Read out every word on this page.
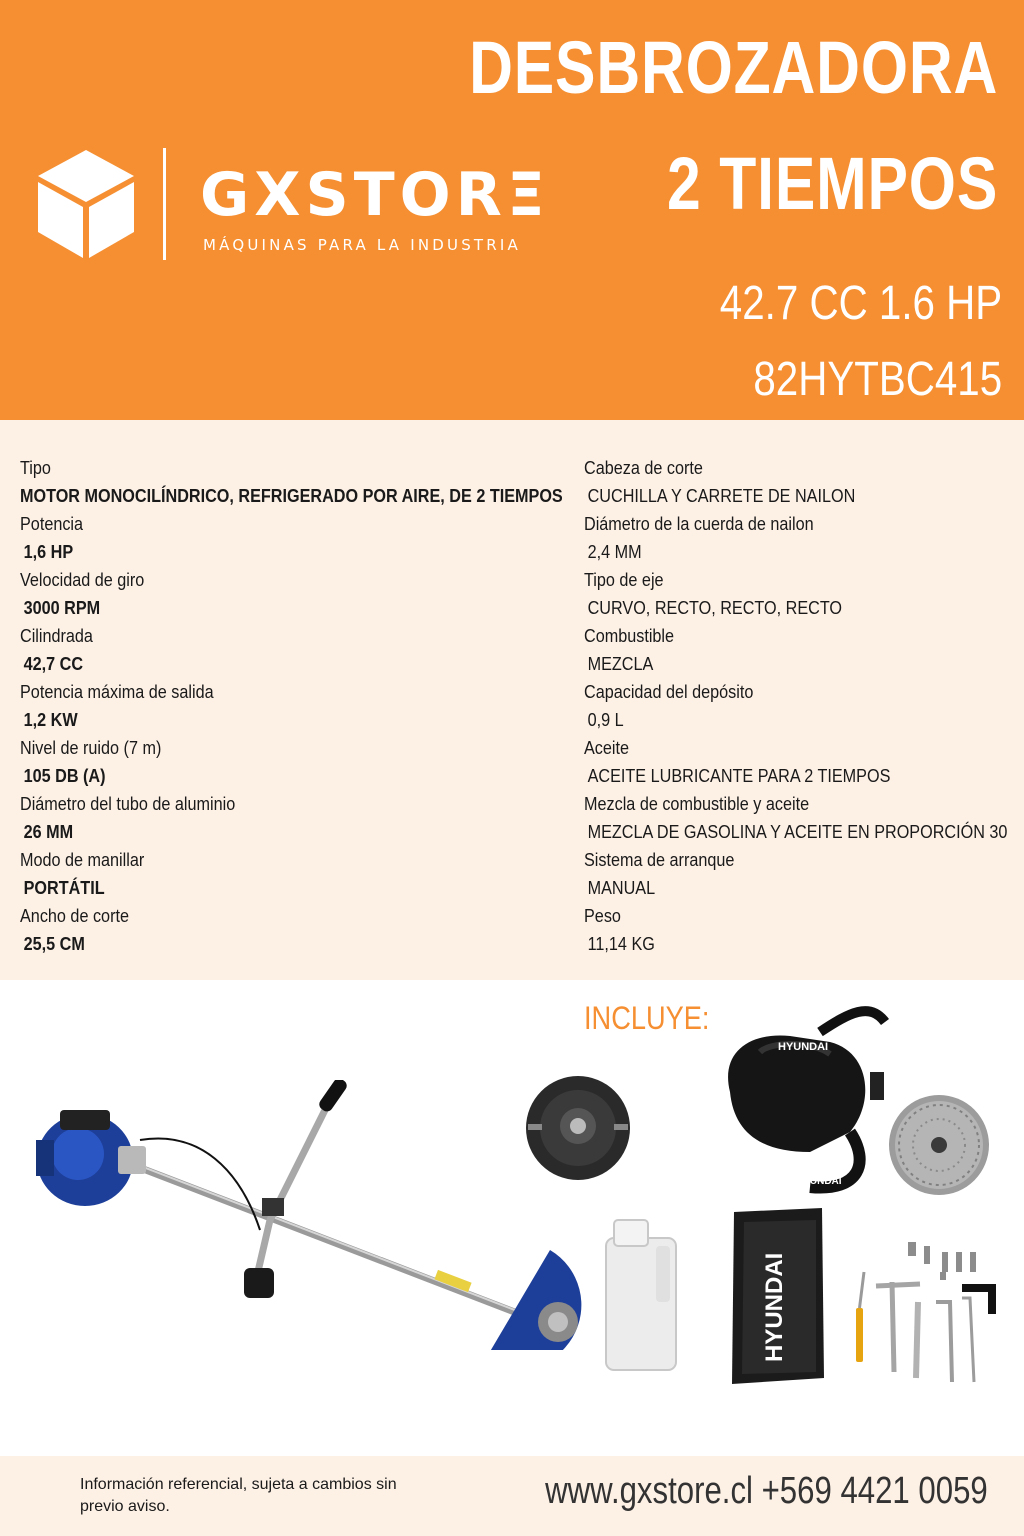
GXSTORΞ
MÁQUINAS PARA LA INDUSTRIA
DESBROZADORA
2 TIEMPOS
42.7 CC 1.6 HP
82HYTBC415
Tipo
MOTOR MONOCILÍNDRICO, REFRIGERADO POR AIRE, DE 2 TIEMPOS
Potencia
1,6 HP
Velocidad de giro
3000 RPM
Cilindrada
42,7 CC
Potencia máxima de salida
1,2 KW
Nivel de ruido (7 m)
105 DB (A)
Diámetro del tubo de aluminio
26 MM
Modo de manillar
PORTÁTIL
Ancho de corte
25,5 CM
Cabeza de corte
CUCHILLA Y CARRETE DE NAILON
Diámetro de la cuerda de nailon
2,4 MM
Tipo de eje
CURVO, RECTO, RECTO, RECTO
Combustible
MEZCLA
Capacidad del depósito
0,9 L
Aceite
ACEITE LUBRICANTE PARA 2 TIEMPOS
Mezcla de combustible y aceite
MEZCLA DE GASOLINA Y ACEITE EN PROPORCIÓN 30
Sistema de arranque
MANUAL
Peso
11,14 KG
INCLUYE:
HYUNDAI
HYUNDAI
HYUNDAI
Información referencial, sujeta a cambios sin previo aviso.	www.gxstore.cl +569 4421 0059
